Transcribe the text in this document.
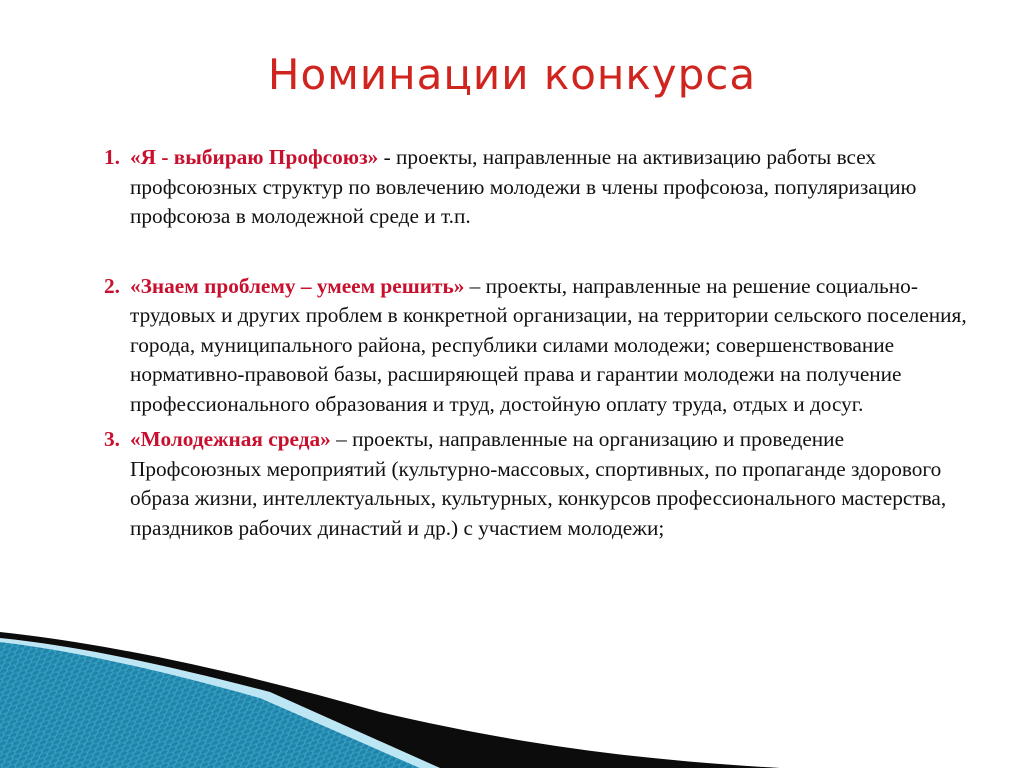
Номинации конкурса
1. «Я - выбираю Профсоюз» - проекты, направленные на активизацию работы всех профсоюзных структур по вовлечению молодежи в члены профсоюза, популяризацию профсоюза в молодежной среде и т.п.
2. «Знаем проблему – умеем решить» – проекты, направленные на решение социально-трудовых и других проблем в конкретной организации, на территории сельского поселения, города, муниципального района, республики силами молодежи; совершенствование нормативно-правовой базы, расширяющей права и гарантии молодежи на получение профессионального образования и труд, достойную оплату труда, отдых и досуг.
3. «Молодежная среда» – проекты, направленные на организацию и проведение Профсоюзных мероприятий (культурно-массовых, спортивных, по пропаганде здорового образа жизни, интеллектуальных, культурных, конкурсов профессионального мастерства, праздников рабочих династий и др.) с участием молодежи;
